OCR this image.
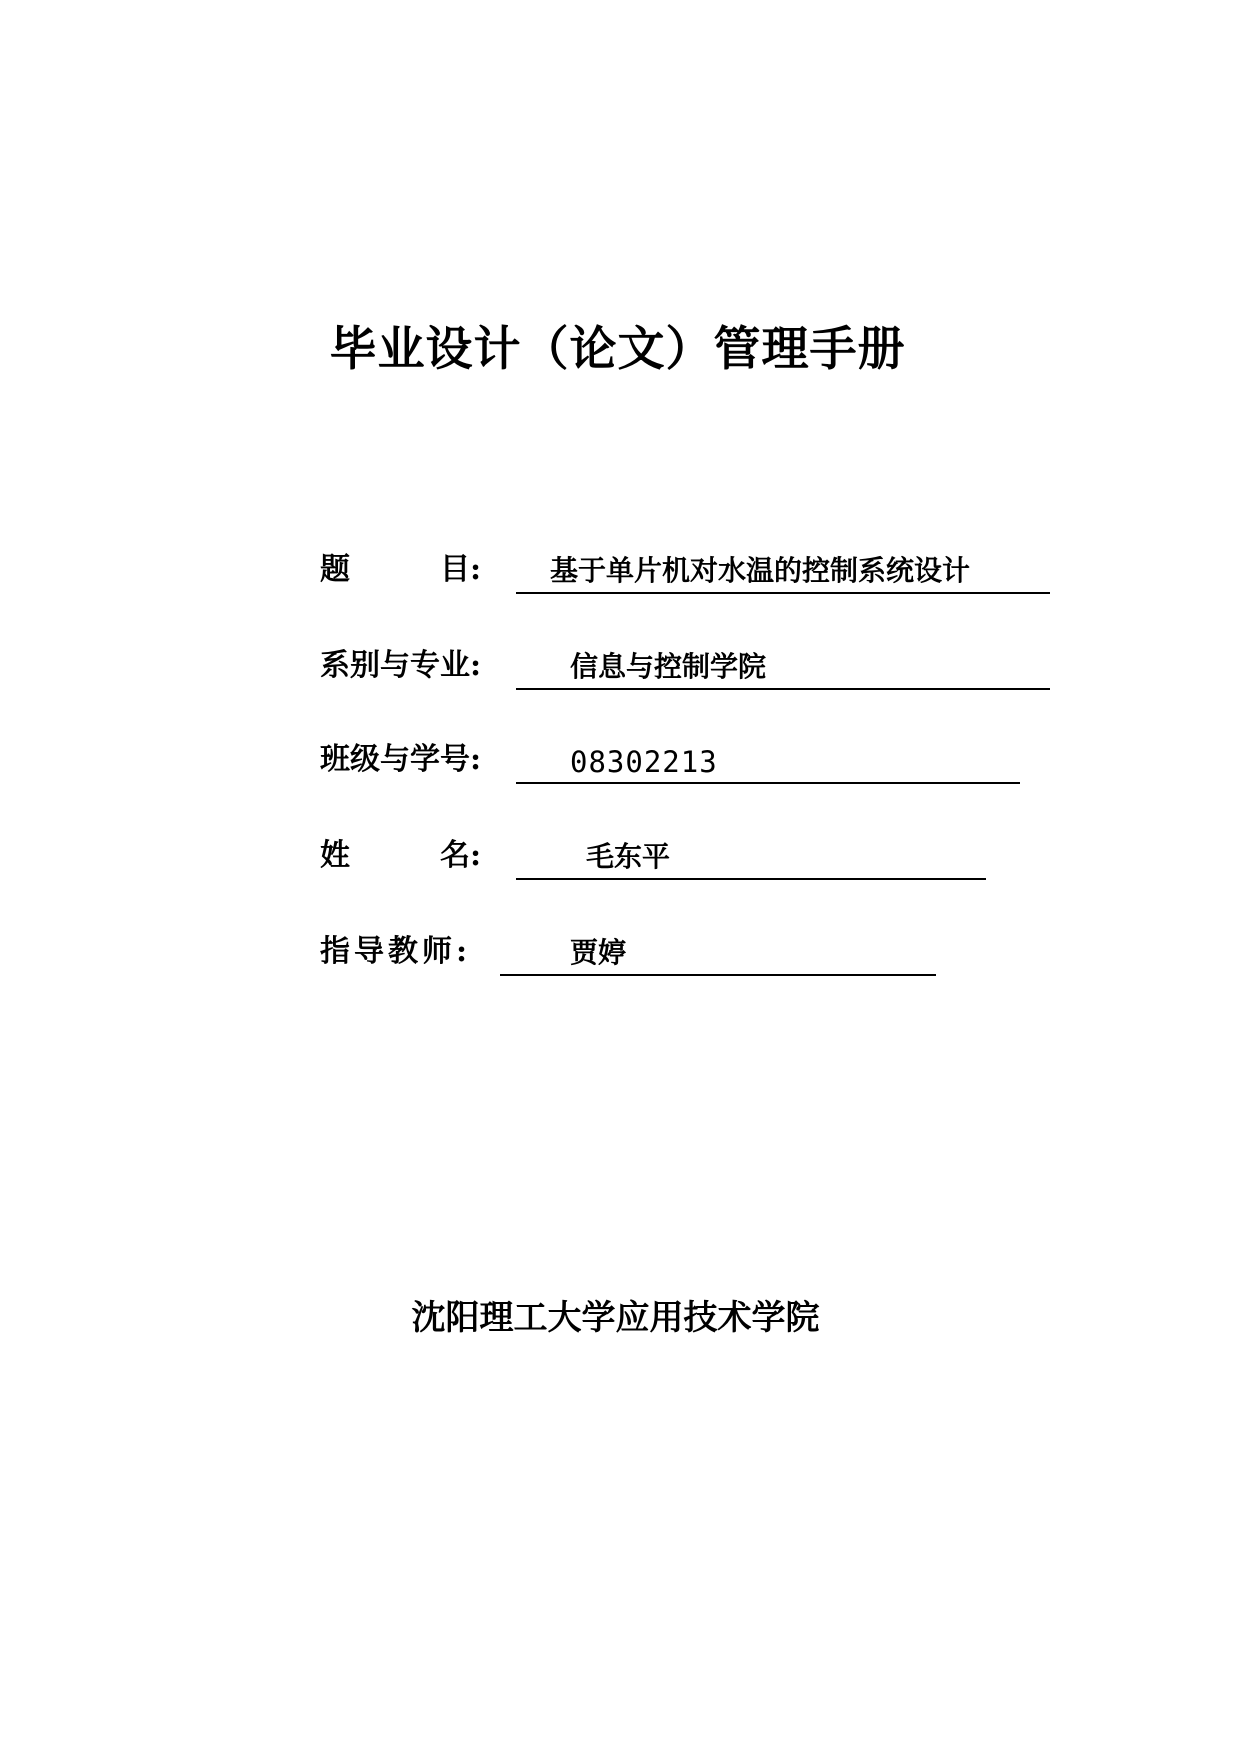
毕业设计（论文）管理手册
题　　　目: 基于单片机对水温的控制系统设计
系别与专业:	信息与控制学院
班级与学号:	08302213
姓　　　名:	毛东平
指导教师:	贾婷

沈阳理工大学应用技术学院
